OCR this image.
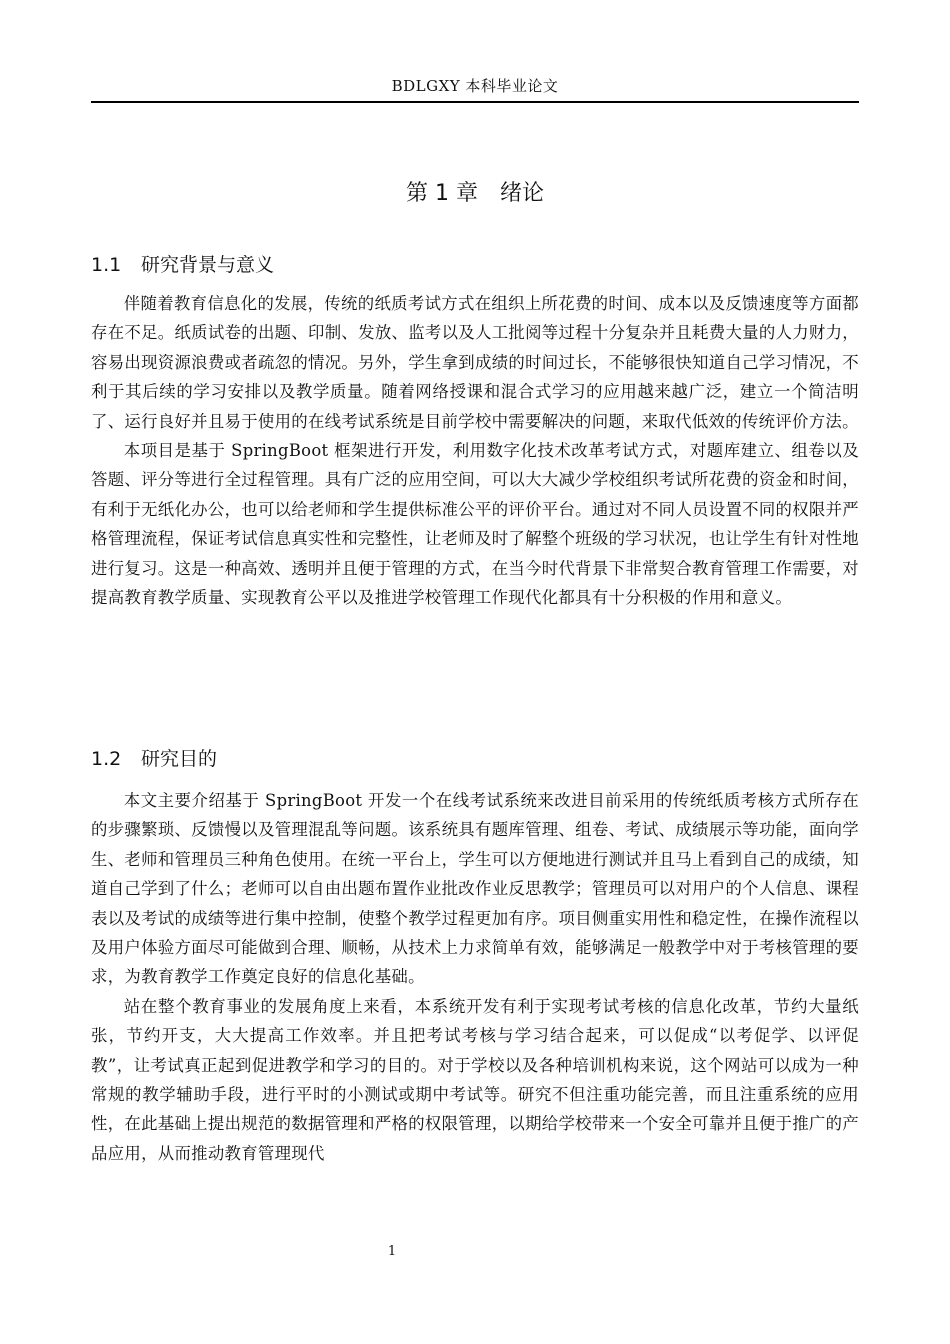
BDLGXY 本科毕业论文
第 1 章　绪论
1.1 研究背景与意义

伴随着教育信息化的发展，传统的纸质考试方式在组织上所花费的时间、成本以及反馈速度等方面都存在不足。纸质试卷的出题、印制、发放、监考以及人工批阅等过程十分复杂并且耗费大量的人力财力，容易出现资源浪费或者疏忽的情况。另外，学生拿到成绩的时间过长，不能够很快知道自己学习情况，不利于其后续的学习安排以及教学质量。随着网络授课和混合式学习的应用越来越广泛，建立一个简洁明了、运行良好并且易于使用的在线考试系统是目前学校中需要解决的问题，来取代低效的传统评价方法。

本项目是基于 SpringBoot 框架进行开发，利用数字化技术改革考试方式，对题库建立、组卷以及答题、评分等进行全过程管理。具有广泛的应用空间，可以大大减少学校组织考试所花费的资金和时间，有利于无纸化办公，也可以给老师和学生提供标准公平的评价平台。通过对不同人员设置不同的权限并严格管理流程，保证考试信息真实性和完整性，让老师及时了解整个班级的学习状况，也让学生有针对性地进行复习。这是一种高效、透明并且便于管理的方式，在当今时代背景下非常契合教育管理工作需要，对提高教育教学质量、实现教育公平以及推进学校管理工作现代化都具有十分积极的作用和意义。

1.2 研究目的

本文主要介绍基于 SpringBoot 开发一个在线考试系统来改进目前采用的传统纸质考核方式所存在的步骤繁琐、反馈慢以及管理混乱等问题。该系统具有题库管理、组卷、考试、成绩展示等功能，面向学生、老师和管理员三种角色使用。在统一平台上，学生可以方便地进行测试并且马上看到自己的成绩，知道自己学到了什么；老师可以自由出题布置作业批改作业反思教学；管理员可以对用户的个人信息、课程表以及考试的成绩等进行集中控制，使整个教学过程更加有序。项目侧重实用性和稳定性，在操作流程以及用户体验方面尽可能做到合理、顺畅，从技术上力求简单有效，能够满足一般教学中对于考核管理的要求，为教育教学工作奠定良好的信息化基础。

站在整个教育事业的发展角度上来看，本系统开发有利于实现考试考核的信息化改革，节约大量纸张，节约开支，大大提高工作效率。并且把考试考核与学习结合起来，可以促成“以考促学、以评促教”，让考试真正起到促进教学和学习的目的。对于学校以及各种培训机构来说，这个网站可以成为一种常规的教学辅助手段，进行平时的小测试或期中考试等。研究不但注重功能完善，而且注重系统的应用性，在此基础上提出规范的数据管理和严格的权限管理，以期给学校带来一个安全可靠并且便于推广的产品应用，从而推动教育管理现代

1
